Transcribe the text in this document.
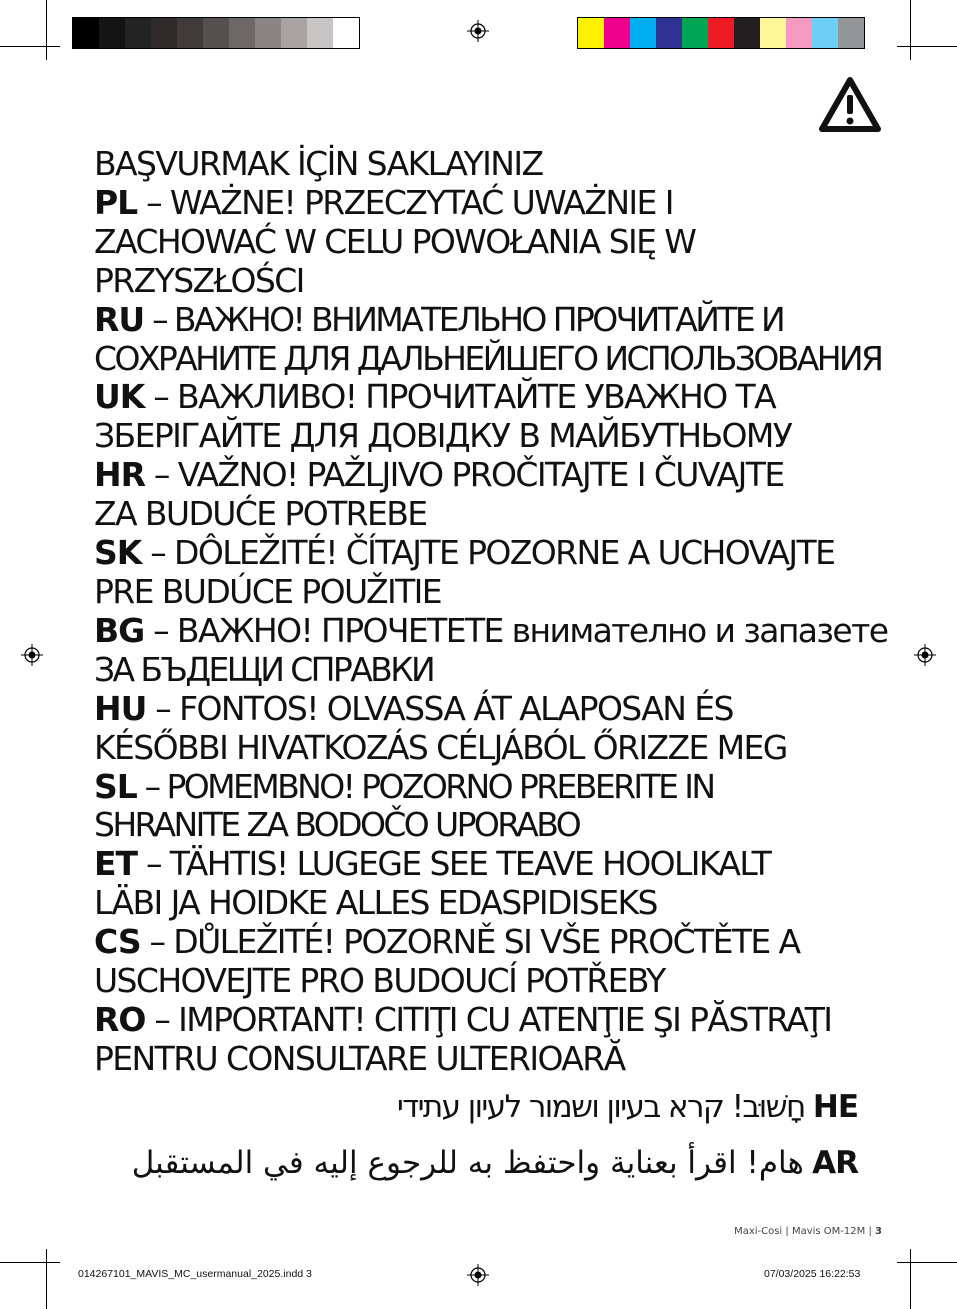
BAŞVURMAK İÇİN SAKLAYINIZ
PL – WAŻNE! PRZECZYTAĆ UWAŻNIE I
ZACHOWAĆ W CELU POWOŁANIA SIĘ W
PRZYSZŁOŚCI
RU – ВАЖНО! ВНИМАТЕЛЬНО ПРОЧИТАЙТЕ И
СОХРАНИТЕ ДЛЯ ДАЛЬНЕЙШЕГО ИСПОЛЬЗОВАНИЯ
UK – ВАЖЛИВО! ПРОЧИТАЙТЕ УВАЖНО ТА
ЗБЕРІГАЙТЕ ДЛЯ ДОВІДКУ В МАЙБУТНЬОМУ
HR – VAŽNO! PAŽLJIVO PROČITAJTE I ČUVAJTE
ZA BUDUĆE POTREBE
SK – DÔLEŽITÉ! ČÍTAJTE POZORNE A UCHOVAJTE
PRE BUDÚCE POUŽITIE
BG – ВАЖНО! ПРОЧЕТЕТЕ внимателно и запазете
ЗА БЪДЕЩИ СПРАВКИ
HU – FONTOS! OLVASSA ÁT ALAPOSAN ÉS
KÉSŐBBI HIVATKOZÁS CÉLJÁBÓL ŐRIZZE MEG
SL – POMEMBNO! POZORNO PREBERITE IN
SHRANITE ZA BODOČO UPORABO
ET – TÄHTIS! LUGEGE SEE TEAVE HOOLIKALT
LÄBI JA HOIDKE ALLES EDASPIDISEKS
CS – DŮLEŽITÉ! POZORNĚ SI VŠE PROČTĚTE A
USCHOVEJTE PRO BUDOUCÍ POTŘEBY
RO – IMPORTANT! CITIŢI CU ATENŢIE ŞI PĂSTRAŢI
PENTRU CONSULTARE ULTERIOARĂ
HE חָשׁוּב! קרא בעיון ושמור לעיון עתידי
AR هام! اقرأ بعناية واحتفظ به للرجوع إليه في المستقبل
Maxi-Cosi | Mavis OM-12M | 3
014267101_MAVIS_MC_usermanual_2025.indd 3	07/03/2025 16:22:53
